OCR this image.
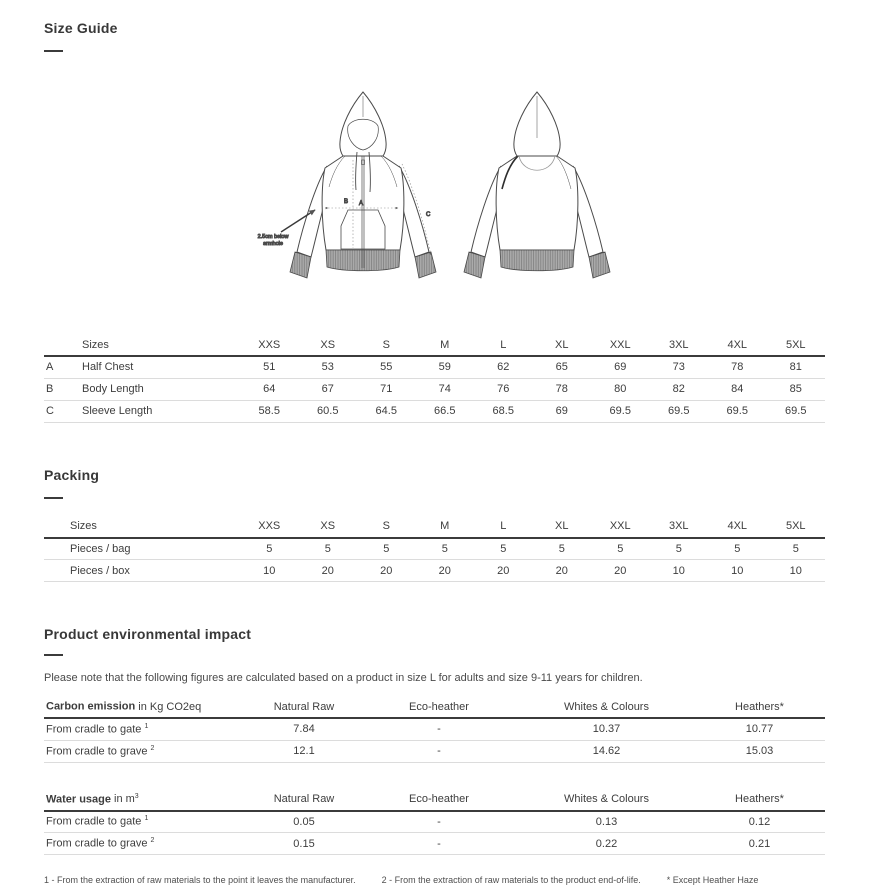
Size Guide
A
B
C
2.5cm below
armhole
	Sizes	XXS	XS	S	M	L	XL	XXL	3XL	4XL	5XL
A	Half Chest	51	53	55	59	62	65	69	73	78	81
B	Body Length	64	67	71	74	76	78	80	82	84	85
C	Sleeve Length	58.5	60.5	64.5	66.5	68.5	69	69.5	69.5	69.5	69.5
Packing
	Sizes	XXS	XS	S	M	L	XL	XXL	3XL	4XL	5XL
	Pieces / bag	5	5	5	5	5	5	5	5	5	5
	Pieces / box	10	20	20	20	20	20	20	10	10	10
Product environmental impact

Please note that the following figures are calculated based on a product in size L for adults and size 9-11 years for children.

Carbon emission in Kg CO2eq	Natural Raw	Eco-heather	Whites & Colours	Heathers*
From cradle to gate $^1$	7.84	-	10.37	10.77
From cradle to grave $^2$	12.1	-	14.62	15.03
Water usage in $m^3$	Natural Raw	Eco-heather	Whites & Colours	Heathers*
From cradle to gate $^1$	0.05	-	0.13	0.12
From cradle to grave $^2$	0.15	-	0.22	0.21
1 - From the extraction of raw materials to the point it leaves the manufacturer.	2 - From the extraction of raw materials to the product end-of-life.	* Except Heather Haze
